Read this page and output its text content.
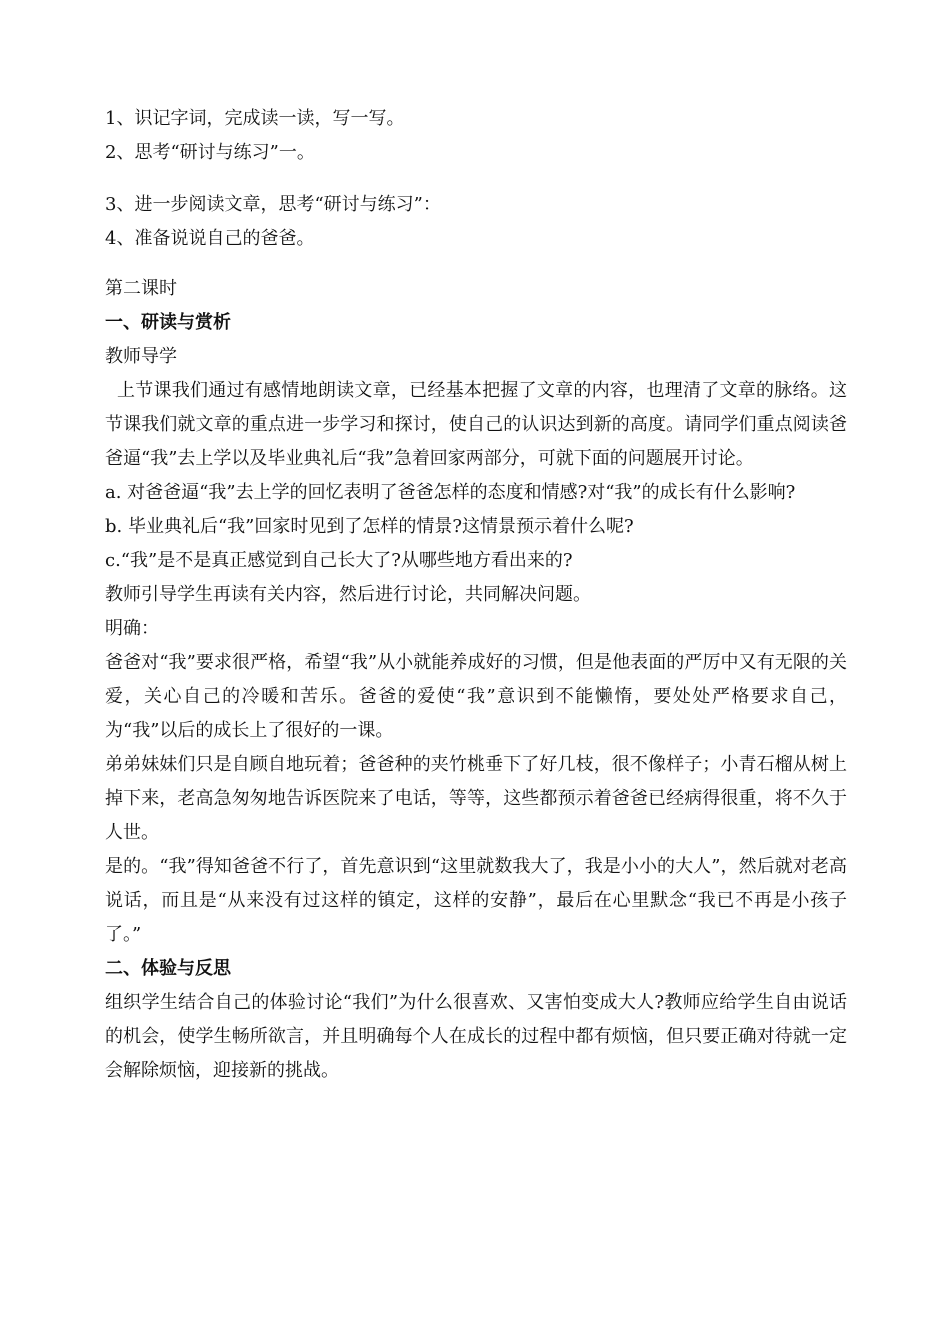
1、识记字词，完成读一读，写一写。

2、思考“研讨与练习”一。

3、进一步阅读文章，思考“研讨与练习”：

4、准备说说自己的爸爸。

第二课时

一、研读与赏析

教师导学

上节课我们通过有感情地朗读文章，已经基本把握了文章的内容，也理清了文章的脉络。这节课我们就文章的重点进一步学习和探讨，使自己的认识达到新的高度。请同学们重点阅读爸爸逼“我”去上学以及毕业典礼后“我”急着回家两部分，可就下面的问题展开讨论。

a. 对爸爸逼“我”去上学的回忆表明了爸爸怎样的态度和情感?对“我”的成长有什么影响?

b. 毕业典礼后“我”回家时见到了怎样的情景?这情景预示着什么呢?

c.“我”是不是真正感觉到自己长大了?从哪些地方看出来的?

教师引导学生再读有关内容，然后进行讨论，共同解决问题。

明确：

爸爸对“我”要求很严格，希望“我”从小就能养成好的习惯，但是他表面的严厉中又有无限的关爱，关心自己的冷暖和苦乐。爸爸的爱使“我”意识到不能懒惰，要处处严格要求自己，为“我”以后的成长上了很好的一课。

弟弟妹妹们只是自顾自地玩着；爸爸种的夹竹桃垂下了好几枝，很不像样子；小青石榴从树上掉下来，老高急匆匆地告诉医院来了电话，等等，这些都预示着爸爸已经病得很重，将不久于人世。

是的。“我”得知爸爸不行了，首先意识到“这里就数我大了，我是小小的大人”，然后就对老高说话，而且是“从来没有过这样的镇定，这样的安静”，最后在心里默念“我已不再是小孩子了。”

二、体验与反思

组织学生结合自己的体验讨论“我们”为什么很喜欢、又害怕变成大人?教师应给学生自由说话的机会，使学生畅所欲言，并且明确每个人在成长的过程中都有烦恼，但只要正确对待就一定会解除烦恼，迎接新的挑战。
